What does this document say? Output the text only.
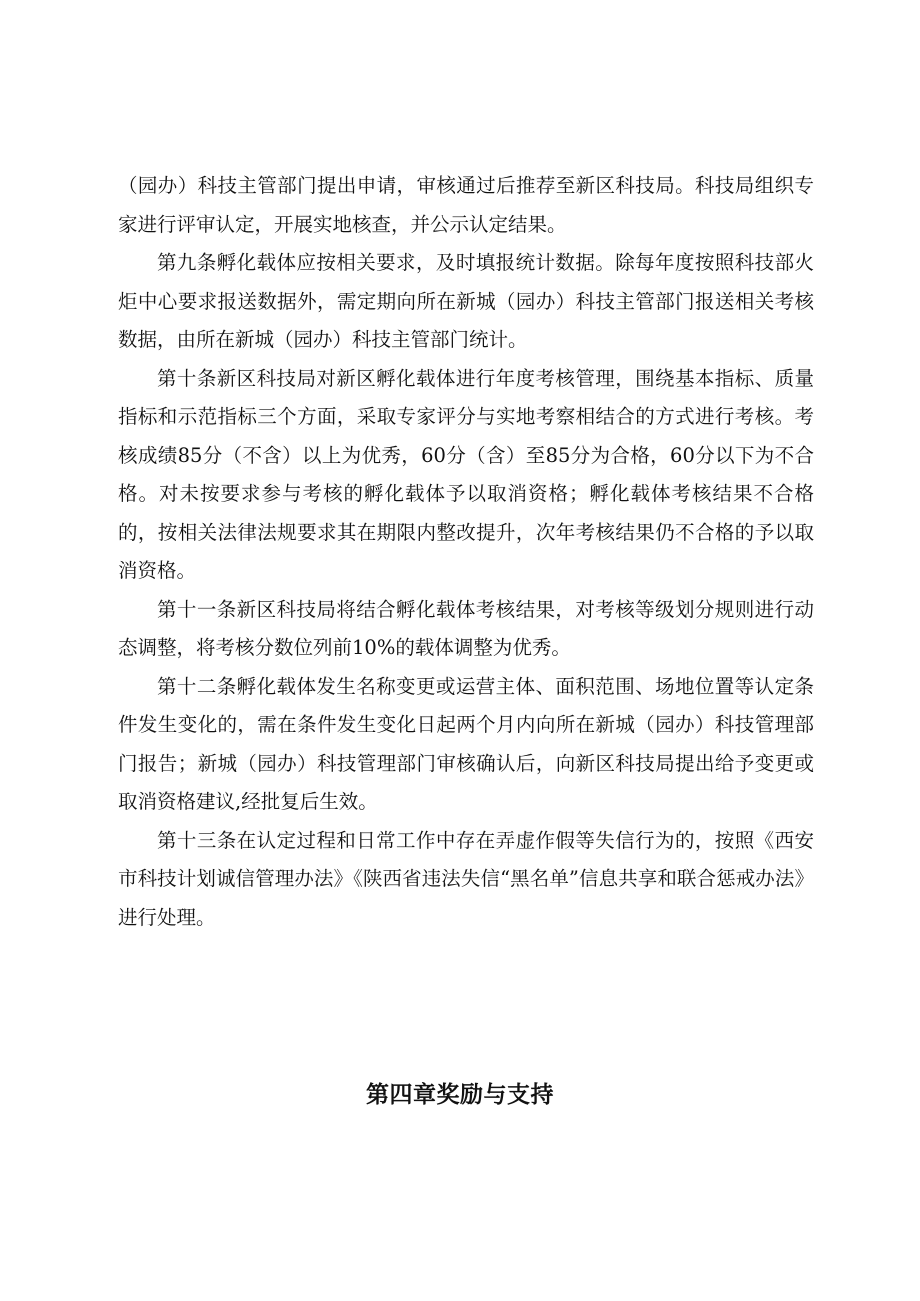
（园办）科技主管部门提出申请，审核通过后推荐至新区科技局。科技局组织专家进行评审认定，开展实地核查，并公示认定结果。

第九条孵化载体应按相关要求，及时填报统计数据。除每年度按照科技部火炬中心要求报送数据外，需定期向所在新城（园办）科技主管部门报送相关考核数据，由所在新城（园办）科技主管部门统计。

第十条新区科技局对新区孵化载体进行年度考核管理，围绕基本指标、质量指标和示范指标三个方面，采取专家评分与实地考察相结合的方式进行考核。考核成绩85分（不含）以上为优秀，60分（含）至85分为合格，60分以下为不合格。对未按要求参与考核的孵化载体予以取消资格；孵化载体考核结果不合格的，按相关法律法规要求其在期限内整改提升，次年考核结果仍不合格的予以取消资格。

第十一条新区科技局将结合孵化载体考核结果，对考核等级划分规则进行动态调整，将考核分数位列前10%的载体调整为优秀。

第十二条孵化载体发生名称变更或运营主体、面积范围、场地位置等认定条件发生变化的，需在条件发生变化日起两个月内向所在新城（园办）科技管理部门报告；新城（园办）科技管理部门审核确认后，向新区科技局提出给予变更或取消资格建议,经批复后生效。

第十三条在认定过程和日常工作中存在弄虚作假等失信行为的，按照《西安市科技计划诚信管理办法》《陕西省违法失信“黑名单”信息共享和联合惩戒办法》进行处理。

第四章奖励与支持
